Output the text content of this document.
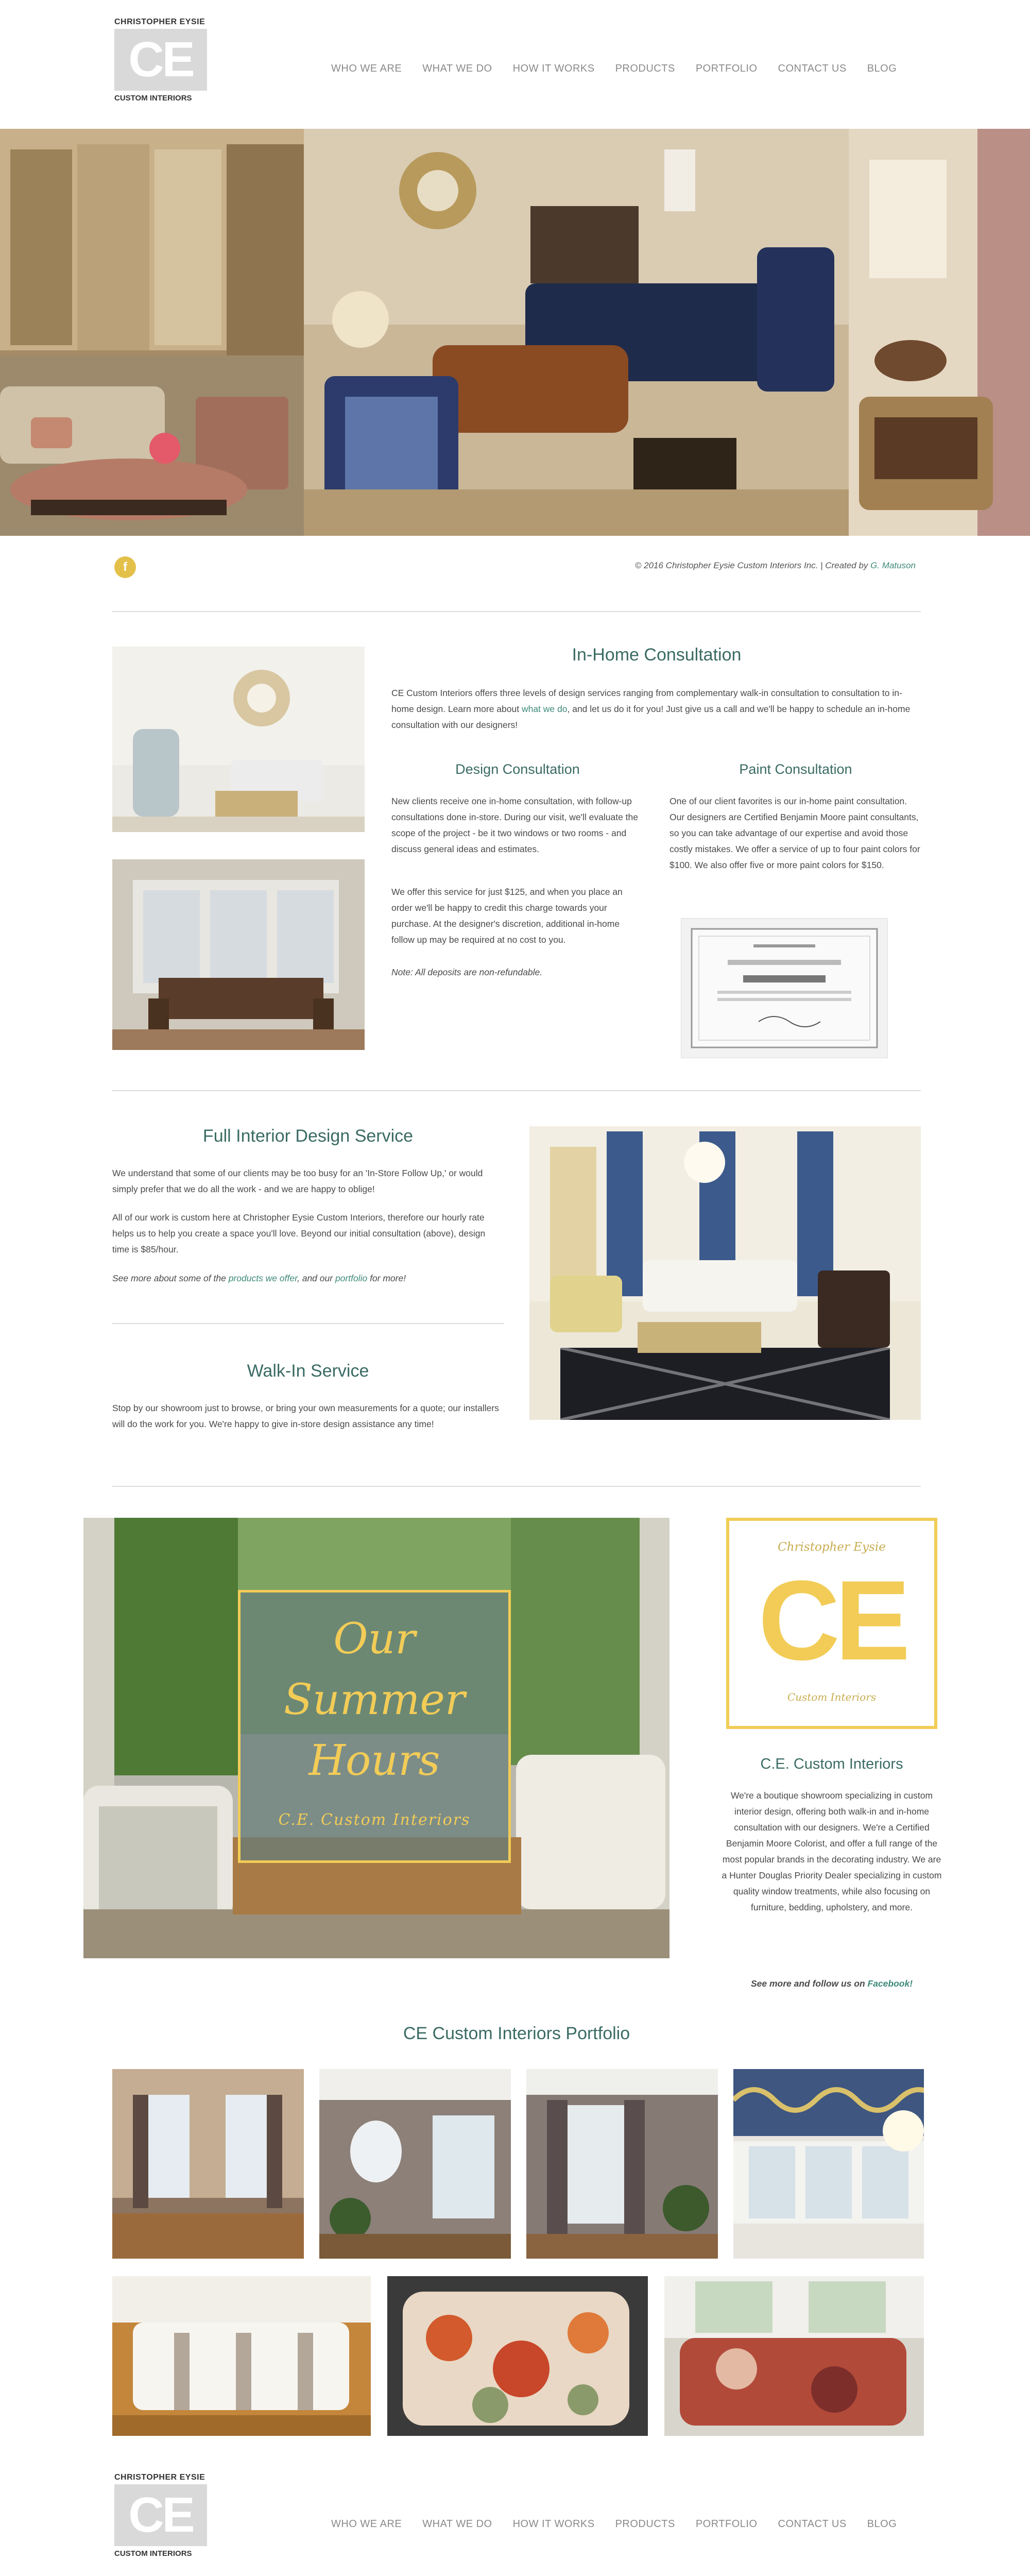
CHRISTOPHER EYSIE
CE
CUSTOM INTERIORS
WHO WE ARE WHAT WE DO HOW IT WORKS PRODUCTS PORTFOLIO CONTACT US BLOG
f	© 2016 Christopher Eysie Custom Interiors Inc. | Created by G. Matuson
In-Home Consultation

CE Custom Interiors offers three levels of design services ranging from complementary walk-in consultation to consultation to in-home design. Learn more about what we do, and let us do it for you! Just give us a call and we'll be happy to schedule an in-home consultation with our designers!

Design Consultation

New clients receive one in-home consultation, with follow-up consultations done in-store. During our visit, we'll evaluate the scope of the project - be it two windows or two rooms - and discuss general ideas and estimates.

We offer this service for just $125, and when you place an order we'll be happy to credit this charge towards your purchase. At the designer's discretion, additional in-home follow up may be required at no cost to you.

Note: All deposits are non-refundable.

Paint Consultation

One of our client favorites is our in-home paint consultation. Our designers are Certified Benjamin Moore paint consultants, so you can take advantage of our expertise and avoid those costly mistakes. We offer a service of up to four paint colors for $100. We also offer five or more paint colors for $150.

Full Interior Design Service

We understand that some of our clients may be too busy for an 'In-Store Follow Up,' or would simply prefer that we do all the work - and we are happy to oblige!

All of our work is custom here at Christopher Eysie Custom Interiors, therefore our hourly rate helps us to help you create a space you'll love. Beyond our initial consultation (above), design time is $85/hour.

See more about some of the products we offer, and our portfolio for more!

Walk-In Service

Stop by our showroom just to browse, or bring your own measurements for a quote; our installers will do the work for you. We're happy to give in-store design assistance any time!

Our
Summer
Hours
C.E. Custom Interiors
Christopher Eysie
CE
Custom Interiors
C.E. Custom Interiors

We're a boutique showroom specializing in custom interior design, offering both walk-in and in-home consultation with our designers. We're a Certified Benjamin Moore Colorist, and offer a full range of the most popular brands in the decorating industry. We are a Hunter Douglas Priority Dealer specializing in custom quality window treatments, while also focusing on furniture, bedding, upholstery, and more.

See more and follow us on Facebook!

CE Custom Interiors Portfolio
CHRISTOPHER EYSIE
CE
CUSTOM INTERIORS
WHO WE ARE WHAT WE DO HOW IT WORKS PRODUCTS PORTFOLIO CONTACT US BLOG
